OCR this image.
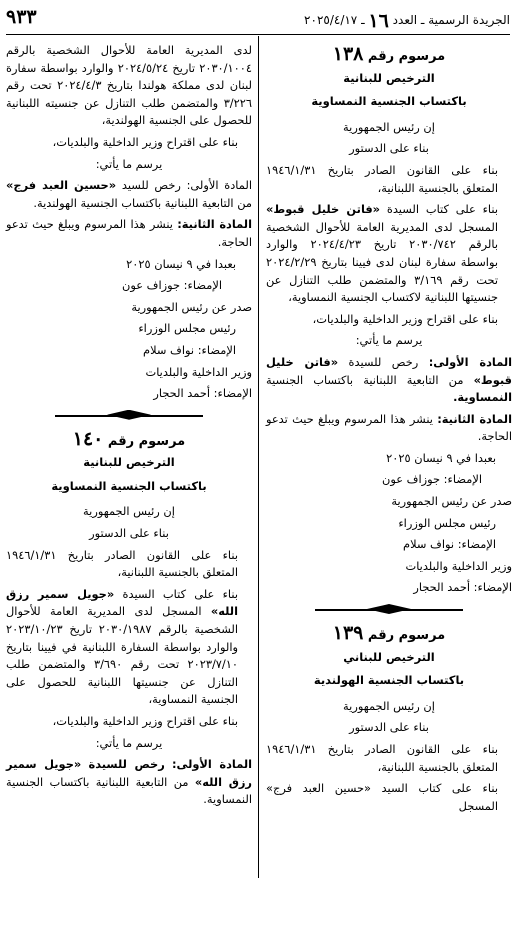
الجريدة الرسمية ـ العدد ١٦ ـ ٢٠٢٥/٤/١٧
٩٣٣
مرسوم رقم ١٣٨
الترخيص للبنانية
باكتساب الجنسية النمساوية

إن رئيس الجمهورية

بناء على الدستور

بناء على القانون الصادر بتاريخ ١٩٤٦/١/٣١ المتعلق بالجنسية اللبنانية،

بناء على كتاب السيدة «فاتن خليل قبوط» المسجل لدى المديرية العامة للأحوال الشخصية بالرقم ٢٠٣٠/٧٤٢ تاريخ ٢٠٢٤/٤/٢٣ والوارد بواسطة سفارة لبنان لدى فيينا بتاريخ ٢٠٢٤/٢/٢٩ تحت رقم ٣/١٦٩ والمتضمن طلب التنازل عن جنسيتها اللبنانية لاكتساب الجنسية النمساوية،

بناء على اقتراح وزير الداخلية والبلديات،

يرسم ما يأتي:

المادة الأولى: رخص للسيدة «فاتن خليل قبوط» من التابعية اللبنانية باكتساب الجنسية النمساوية.

المادة الثانية: ينشر هذا المرسوم ويبلغ حيث تدعو الحاجة.

بعبدا في ٩ نيسان ٢٠٢٥

الإمضاء: جوزاف عون

صدر عن رئيس الجمهورية

رئيس مجلس الوزراء

الإمضاء: نواف سلام

وزير الداخلية والبلديات

الإمضاء: أحمد الحجار

مرسوم رقم ١٣٩
الترخيص للبناني
باكتساب الجنسية الهولندية

إن رئيس الجمهورية

بناء على الدستور

بناء على القانون الصادر بتاريخ ١٩٤٦/١/٣١ المتعلق بالجنسية اللبنانية،

بناء على كتاب السيد «حسين العبد فرج» المسجل

لدى المديرية العامة للأحوال الشخصية بالرقم ٢٠٣٠/١٠٠٤ تاريخ ٢٠٢٤/٥/٢٤ والوارد بواسطة سفارة لبنان لدى مملكة هولندا بتاريخ ٢٠٢٤/٤/٣ تحت رقم ٣/٢٢٦ والمتضمن طلب التنازل عن جنسيته اللبنانية للحصول على الجنسية الهولندية،

بناء على اقتراح وزير الداخلية والبلديات،

يرسم ما يأتي:

المادة الأولى: رخص للسيد «حسين العبد فرج» من التابعية اللبنانية باكتساب الجنسية الهولندية.

المادة الثانية: ينشر هذا المرسوم ويبلغ حيث تدعو الحاجة.

بعبدا في ٩ نيسان ٢٠٢٥

الإمضاء: جوزاف عون

صدر عن رئيس الجمهورية

رئيس مجلس الوزراء

الإمضاء: نواف سلام

وزير الداخلية والبلديات

الإمضاء: أحمد الحجار

مرسوم رقم ١٤٠
الترخيص للبنانية
باكتساب الجنسية النمساوية

إن رئيس الجمهورية

بناء على الدستور

بناء على القانون الصادر بتاريخ ١٩٤٦/١/٣١ المتعلق بالجنسية اللبنانية،

بناء على كتاب السيدة «جويل سمير رزق الله» المسجل لدى المديرية العامة للأحوال الشخصية بالرقم ٢٠٣٠/١٩٨٧ تاريخ ٢٠٢٣/١٠/٢٣ والوارد بواسطة السفارة اللبنانية في فيينا بتاريخ ٢٠٢٣/٧/١٠ تحت رقم ٣/٦٩٠ والمتضمن طلب التنازل عن جنسيتها اللبنانية للحصول على الجنسية النمساوية،

بناء على اقتراح وزير الداخلية والبلديات،

يرسم ما يأتي:

المادة الأولى: رخص للسيدة «جويل سمير رزق الله» من التابعية اللبنانية باكتساب الجنسية النمساوية.
